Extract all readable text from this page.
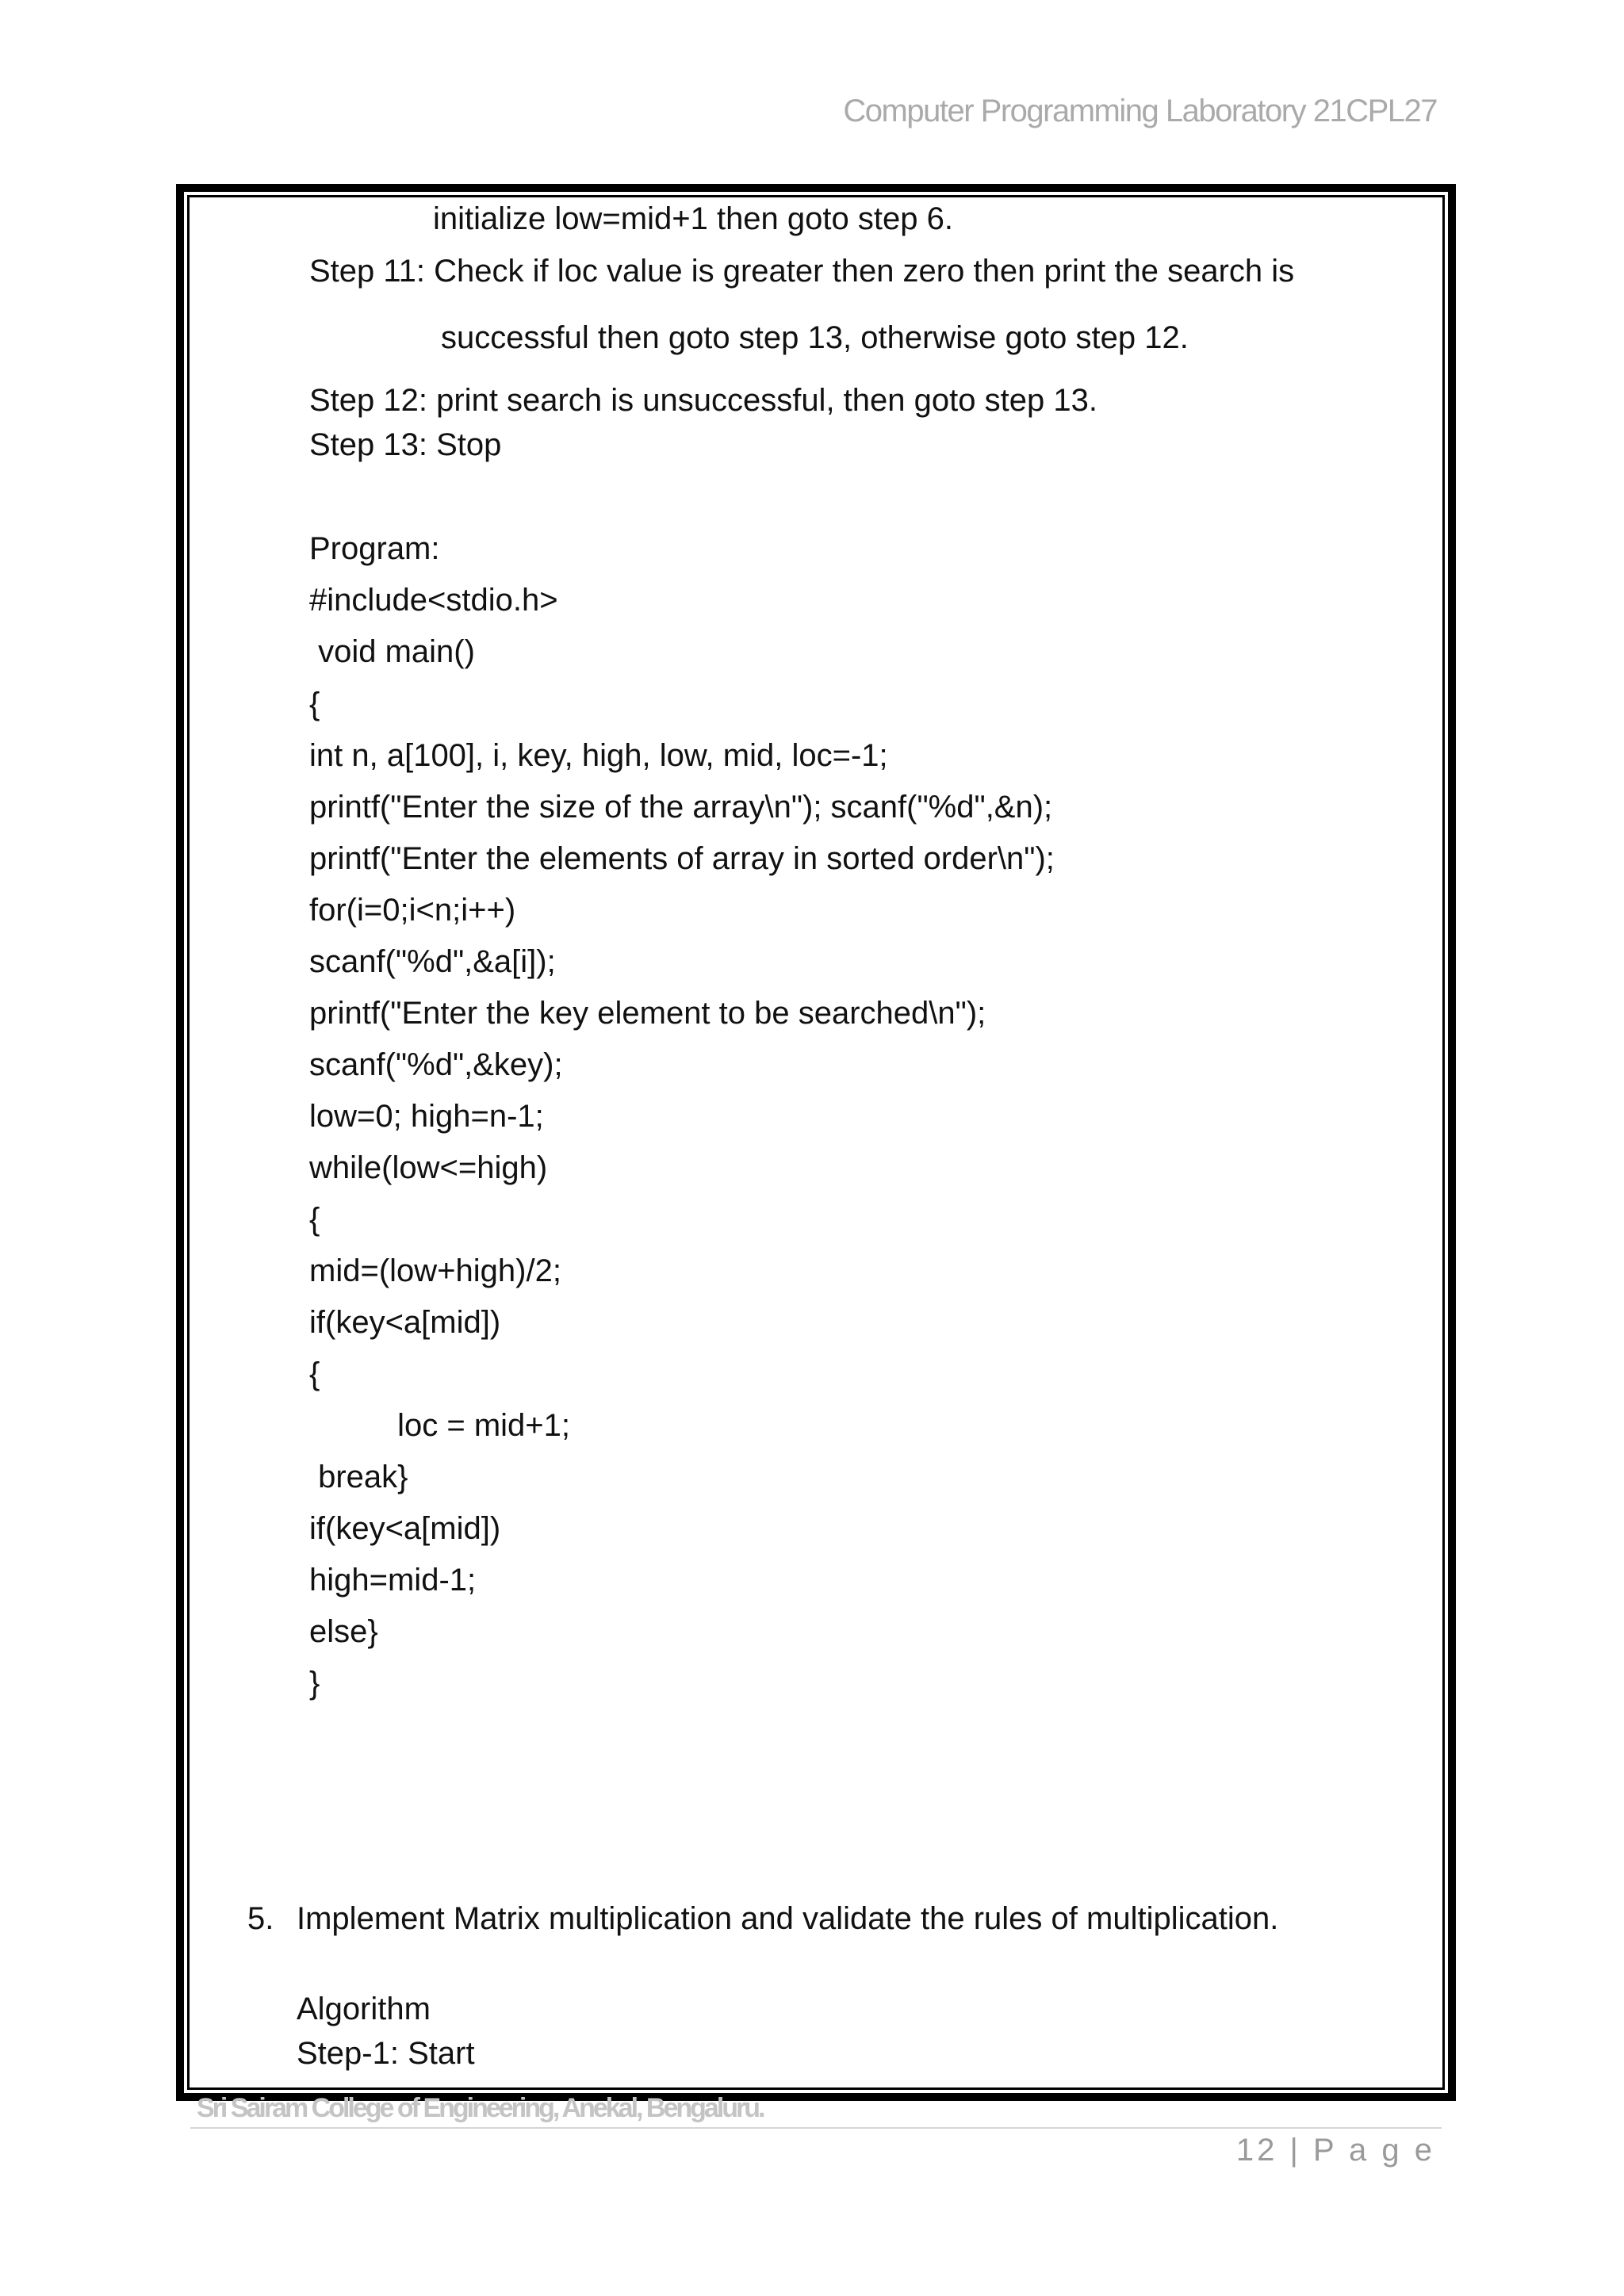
Computer Programming Laboratory 21CPL27
initialize low=mid+1 then goto step 6.
Step 11: Check if loc value is greater then zero then print the search is
successful then goto step 13, otherwise goto step 12.
Step 12: print search is unsuccessful, then goto step 13.
Step 13: Stop
Program:
#include<stdio.h>
void main()
{
int n, a[100], i, key, high, low, mid, loc=-1;
printf("Enter the size of the array\n"); scanf("%d",&n);
printf("Enter the elements of array in sorted order\n");
for(i=0;i<n;i++)
scanf("%d",&a[i]);
printf("Enter the key element to be searched\n");
scanf("%d",&key);
low=0; high=n-1;
while(low<=high)
{
mid=(low+high)/2;
if(key<a[mid])
{
loc = mid+1;
break}
if(key<a[mid])
high=mid-1;
else}
}
5. Implement Matrix multiplication and validate the rules of multiplication.
Algorithm
Step-1: Start
Sri Sairam College of Engineering, Anekal, Bengaluru.
12 | P a g e
